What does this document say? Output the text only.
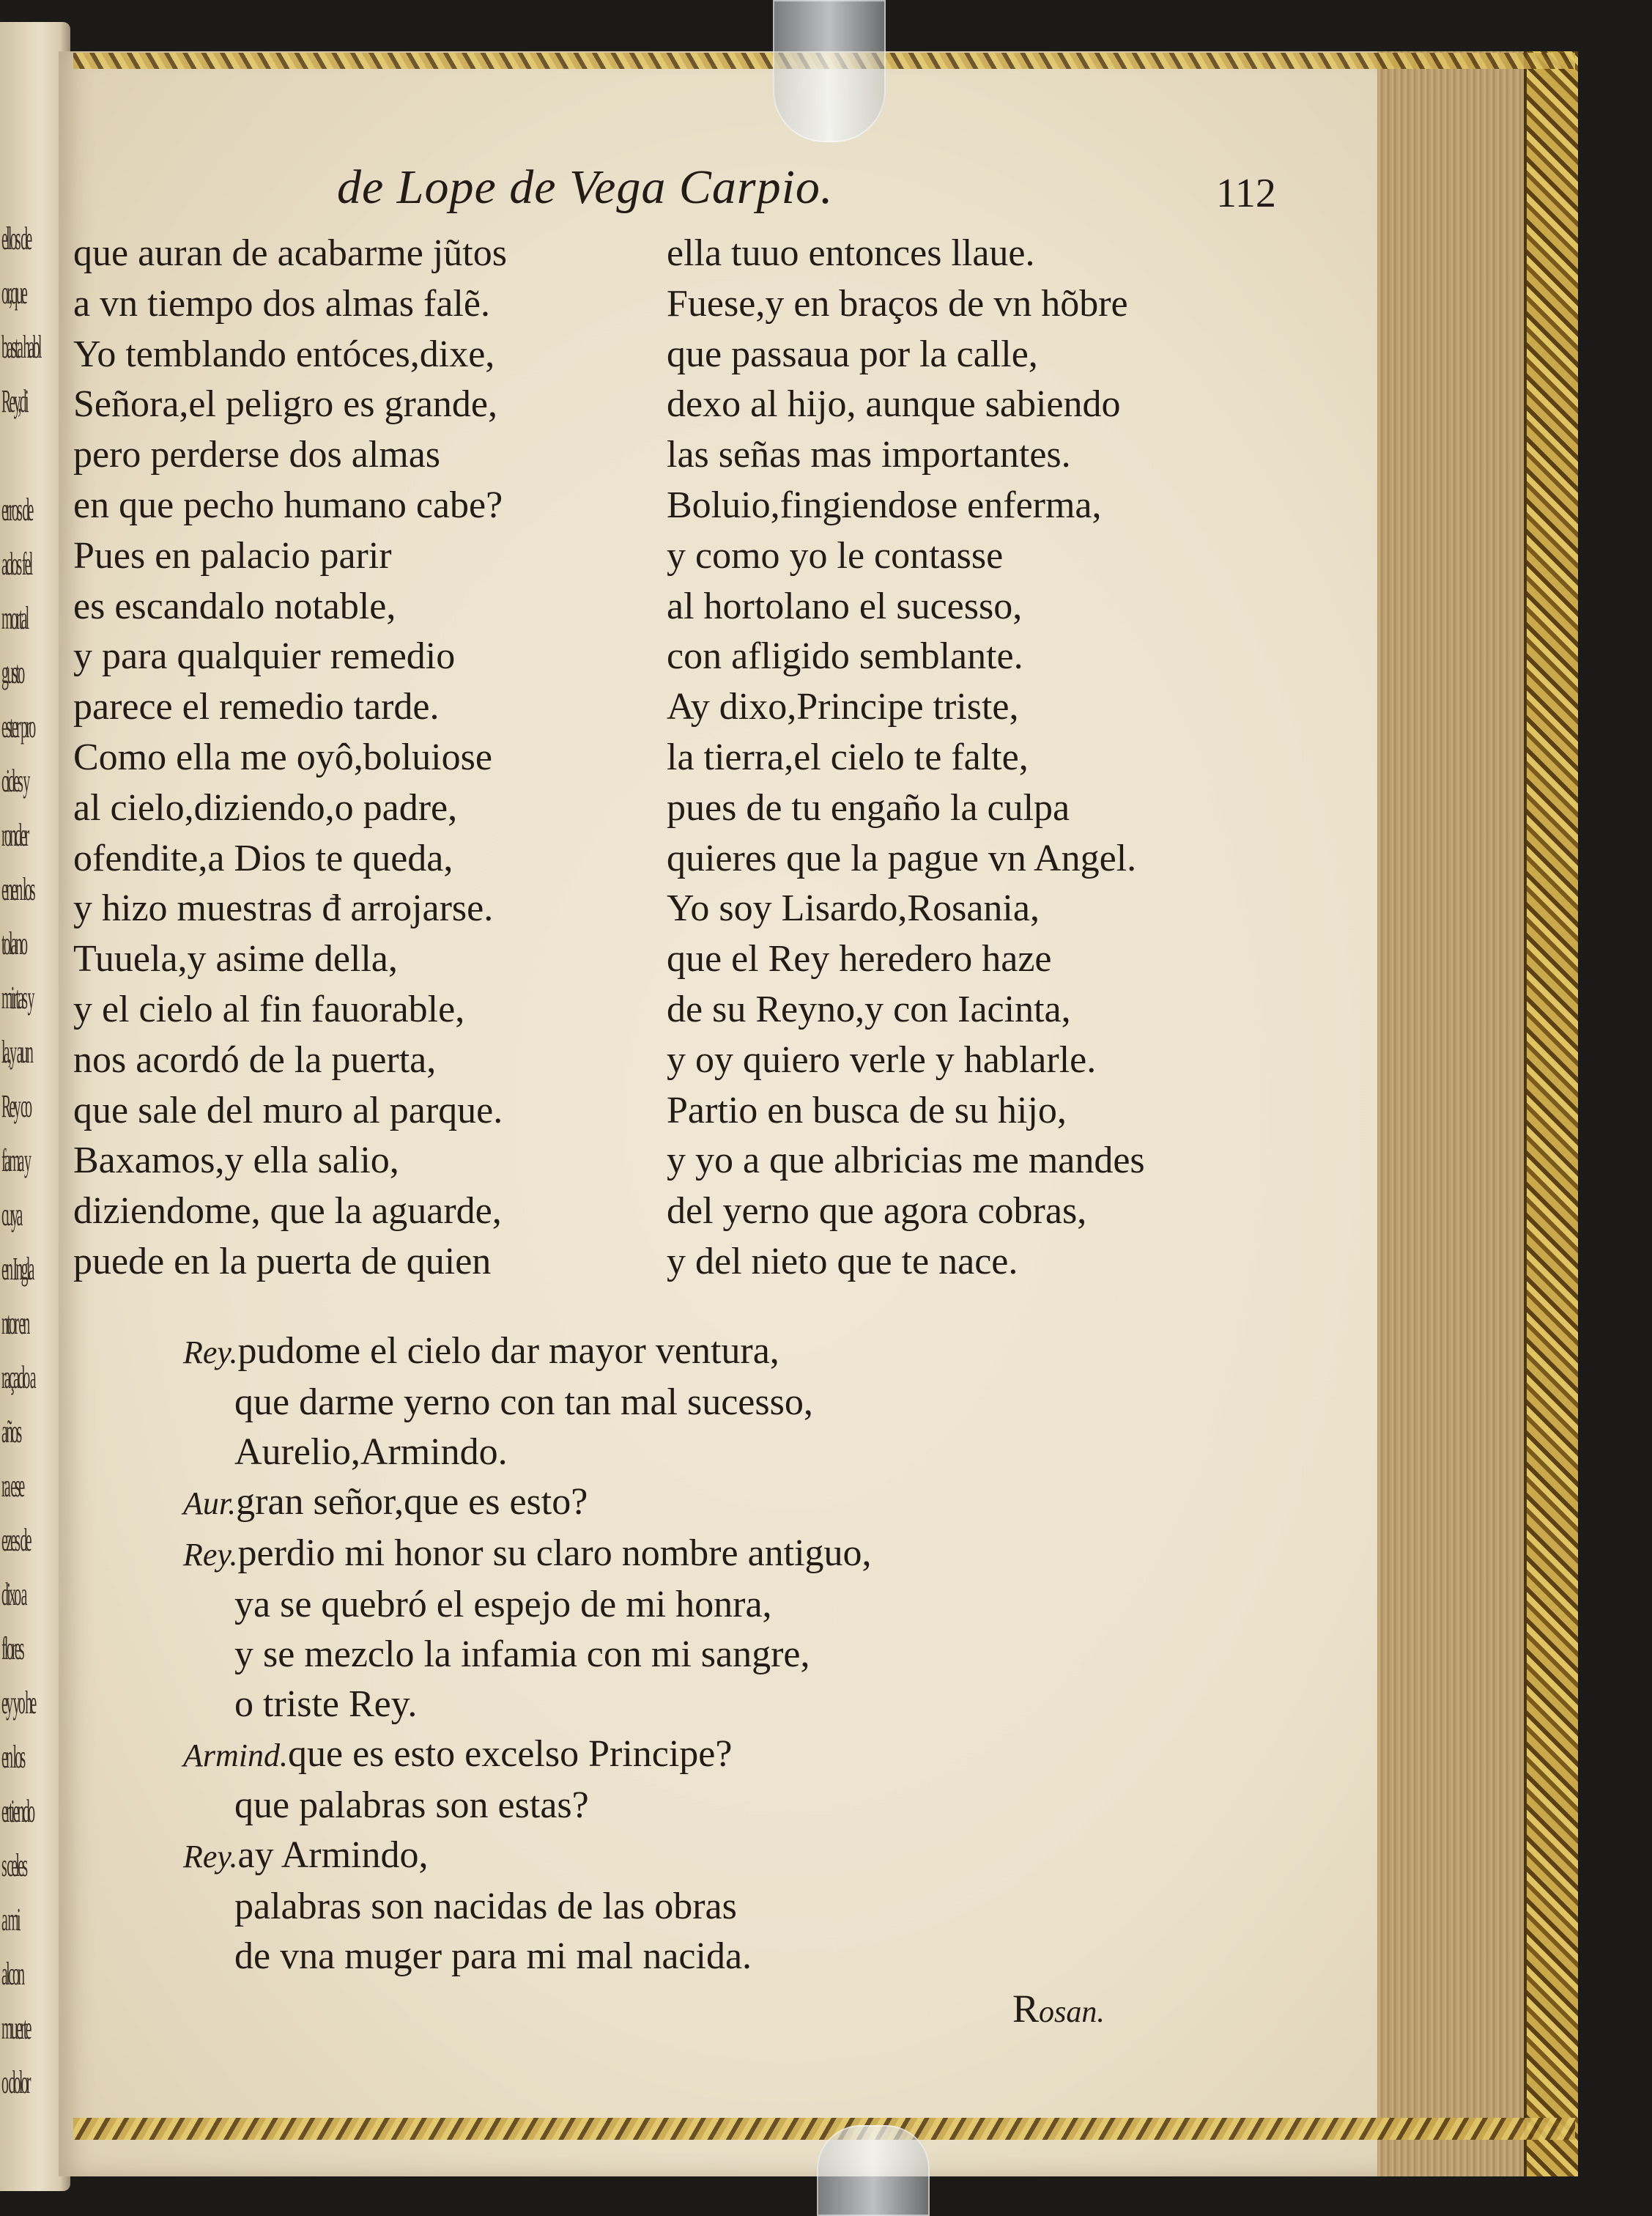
ellos de
or,que
basta habl
Rey,di
erros de
ados fel
mortal
gusto
ester pro
cides y
ronder
enen los
tolano
mirtas y
la,y aun
Rey co
fama y
cuya
en Ingla
ntor en
raçado a
años
ra ese
ezes de
dixo a
flores
ey yo he
en los
ertiendo
s celes
a mi
alcon
muerte
o dolor
de Lope de Vega Carpio.	112
que auran de acabarme jũtos
a vn tiempo dos almas falẽ.
Yo temblando entóces,dixe,
Señora,el peligro es grande,
pero perderse dos almas
en que pecho humano cabe?
Pues en palacio parir
es escandalo notable,
y para qualquier remedio
parece el remedio tarde.
Como ella me oyô,boluiose
al cielo,diziendo,o padre,
ofendite,a Dios te queda,
y hizo muestras đ arrojarse.
Tuuela,y asime della,
y el cielo al fin fauorable,
nos acordó de la puerta,
que sale del muro al parque.
Baxamos,y ella salio,
diziendome, que la aguarde,
puede en la puerta de quien
ella tuuo entonces llaue.
Fuese,y en braços de vn hõbre
que passaua por la calle,
dexo al hijo, aunque sabiendo
las señas mas importantes.
Boluio,fingiendose enferma,
y como yo le contasse
al hortolano el sucesso,
con afligido semblante.
Ay dixo,Principe triste,
la tierra,el cielo te falte,
pues de tu engaño la culpa
quieres que la pague vn Angel.
Yo soy Lisardo,Rosania,
que el Rey heredero haze
de su Reyno,y con Iacinta,
y oy quiero verle y hablarle.
Partio en busca de su hijo,
y yo a que albricias me mandes
del yerno que agora cobras,
y del nieto que te nace.
Rey.pudome el cielo dar mayor ventura,
que darme yerno con tan mal sucesso,
Aurelio,Armindo.
Aur.gran señor,que es esto?
Rey.perdio mi honor su claro nombre antiguo,
ya se quebró el espejo de mi honra,
y se mezclo la infamia con mi sangre,
o triste Rey.
Armind.que es esto excelso Principe?
que palabras son estas?
Rey.ay Armindo,
palabras son nacidas de las obras
de vna muger para mi mal nacida.
Rosan.
